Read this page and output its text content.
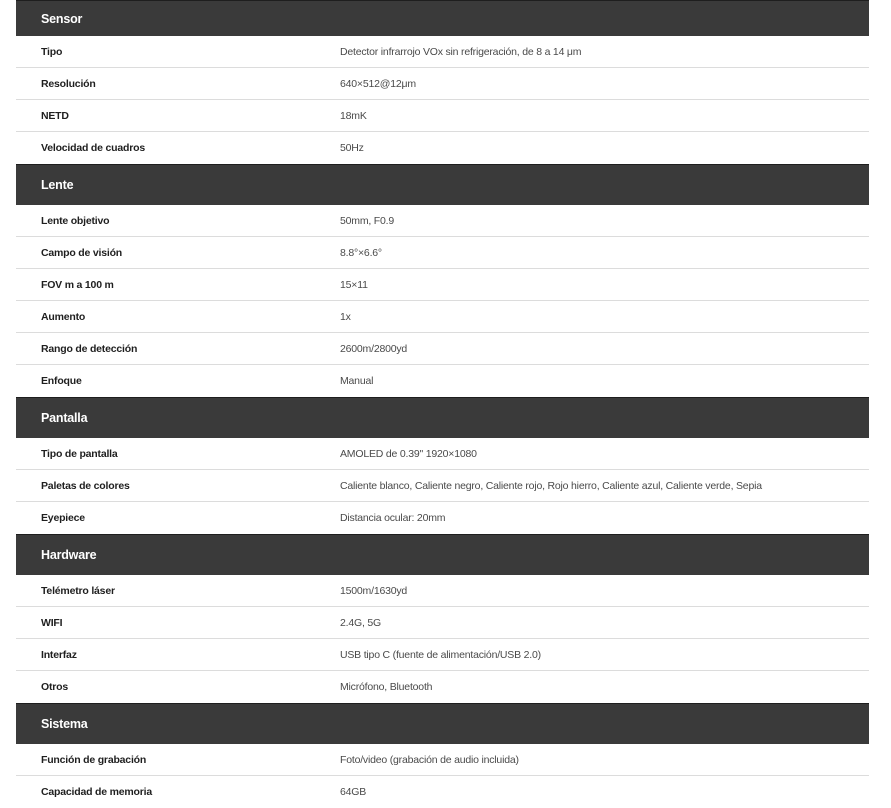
Sensor
Tipo	Detector infrarrojo VOx sin refrigeración, de 8 a 14 μm
Resolución	640×512@12μm
NETD	18mK
Velocidad de cuadros	50Hz
Lente
Lente objetivo	50mm, F0.9
Campo de visión	8.8°×6.6°
FOV m a 100 m	15×11
Aumento	1x
Rango de detección	2600m/2800yd
Enfoque	Manual
Pantalla
Tipo de pantalla	AMOLED de 0.39" 1920×1080
Paletas de colores	Caliente blanco, Caliente negro, Caliente rojo, Rojo hierro, Caliente azul, Caliente verde, Sepia
Eyepiece	Distancia ocular: 20mm
Hardware
Telémetro láser	1500m/1630yd
WIFI	2.4G, 5G
Interfaz	USB tipo C (fuente de alimentación/USB 2.0)
Otros	Micrófono, Bluetooth
Sistema
Función de grabación	Foto/video (grabación de audio incluida)
Capacidad de memoria	64GB
